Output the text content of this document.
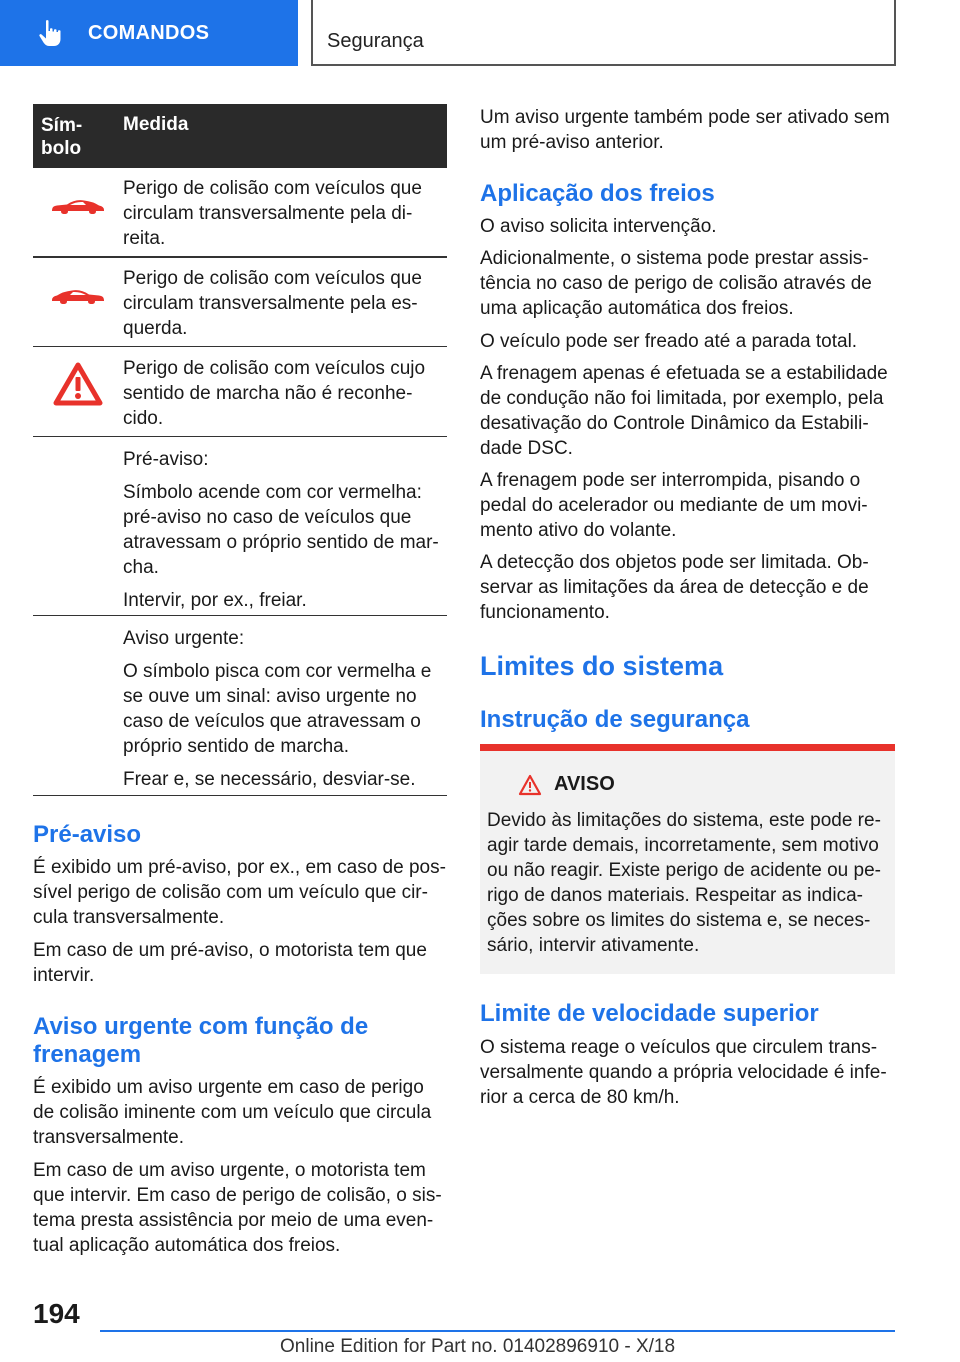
COMANDOS	Segurança
Sím-
bolo
Medida
Perigo de colisão com veículos que
circulam transversalmente pela di-
reita.
Perigo de colisão com veículos que
circulam transversalmente pela es-
querda.
Perigo de colisão com veículos cujo
sentido de marcha não é reconhe-
cido.

Pré-aviso:

Símbolo acende com cor vermelha:
pré-aviso no caso de veículos que
atravessam o próprio sentido de mar-
cha.

Intervir, por ex., freiar.

Aviso urgente:

O símbolo pisca com cor vermelha e
se ouve um sinal: aviso urgente no
caso de veículos que atravessam o
próprio sentido de marcha.

Frear e, se necessário, desviar-se.

Pré-aviso
É exibido um pré-aviso, por ex., em caso de pos-
sível perigo de colisão com um veículo que cir-
cula transversalmente.
Em caso de um pré-aviso, o motorista tem que
intervir.
Aviso urgente com função de
frenagem
É exibido um aviso urgente em caso de perigo
de colisão iminente com um veículo que circula
transversalmente.
Em caso de um aviso urgente, o motorista tem
que intervir. Em caso de perigo de colisão, o sis-
tema presta assistência por meio de uma even-
tual aplicação automática dos freios.
Um aviso urgente também pode ser ativado sem
um pré-aviso anterior.
Aplicação dos freios
O aviso solicita intervenção.
Adicionalmente, o sistema pode prestar assis-
tência no caso de perigo de colisão através de
uma aplicação automática dos freios.
O veículo pode ser freado até a parada total.
A frenagem apenas é efetuada se a estabilidade
de condução não foi limitada, por exemplo, pela
desativação do Controle Dinâmico da Estabili-
dade DSC.
A frenagem pode ser interrompida, pisando o
pedal do acelerador ou mediante de um movi-
mento ativo do volante.
A detecção dos objetos pode ser limitada. Ob-
servar as limitações da área de detecção e de
funcionamento.
Limites do sistema
Instrução de segurança
AVISO
Devido às limitações do sistema, este pode re-
agir tarde demais, incorretamente, sem motivo
ou não reagir. Existe perigo de acidente ou pe-
rigo de danos materiais. Respeitar as indica-
ções sobre os limites do sistema e, se neces-
sário, intervir ativamente.
Limite de velocidade superior
O sistema reage o veículos que circulem trans-
versalmente quando a própria velocidade é infe-
rior a cerca de 80 km/h.
194
Online Edition for Part no. 01402896910 - X/18
